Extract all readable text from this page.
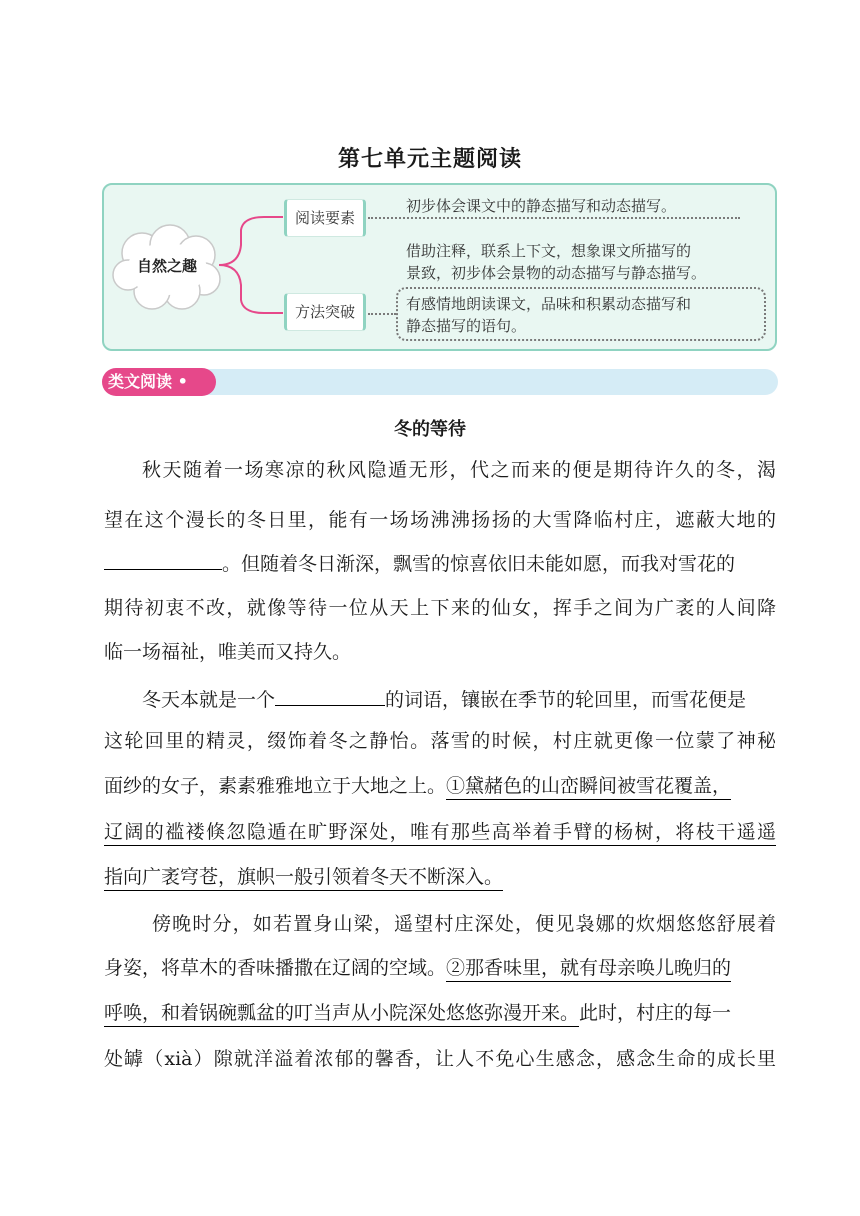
第七单元主题阅读
自然之趣
阅读要素
方法突破
初步体会课文中的静态描写和动态描写。
借助注释，联系上下文，想象课文所描写的
景致，初步体会景物的动态描写与静态描写。
有感情地朗读课文，品味和积累动态描写和
静态描写的语句。
类文阅读 •
冬的等待
秋天随着一场寒凉的秋风隐遁无形，代之而来的便是期待许久的冬，渴
望在这个漫长的冬日里，能有一场场沸沸扬扬的大雪降临村庄，遮蔽大地的
。但随着冬日渐深，飘雪的惊喜依旧未能如愿，而我对雪花的
期待初衷不改，就像等待一位从天上下来的仙女，挥手之间为广袤的人间降
临一场福祉，唯美而又持久。
冬天本就是一个	的词语，镶嵌在季节的轮回里，而雪花便是
这轮回里的精灵，缀饰着冬之静怡。落雪的时候，村庄就更像一位蒙了神秘
面纱的女子，素素雅雅地立于大地之上。①黛赭色的山峦瞬间被雪花覆盖，
辽阔的褴褛倏忽隐遁在旷野深处，唯有那些高举着手臂的杨树，将枝干遥遥
指向广袤穹苍，旗帜一般引领着冬天不断深入。
傍晚时分，如若置身山梁，遥望村庄深处，便见袅娜的炊烟悠悠舒展着
身姿，将草木的香味播撒在辽阔的空域。②那香味里，就有母亲唤儿晚归的
呼唤，和着锅碗瓢盆的叮当声从小院深处悠悠弥漫开来。此时，村庄的每一
处罅（xià）隙就洋溢着浓郁的馨香，让人不免心生感念，感念生命的成长里
